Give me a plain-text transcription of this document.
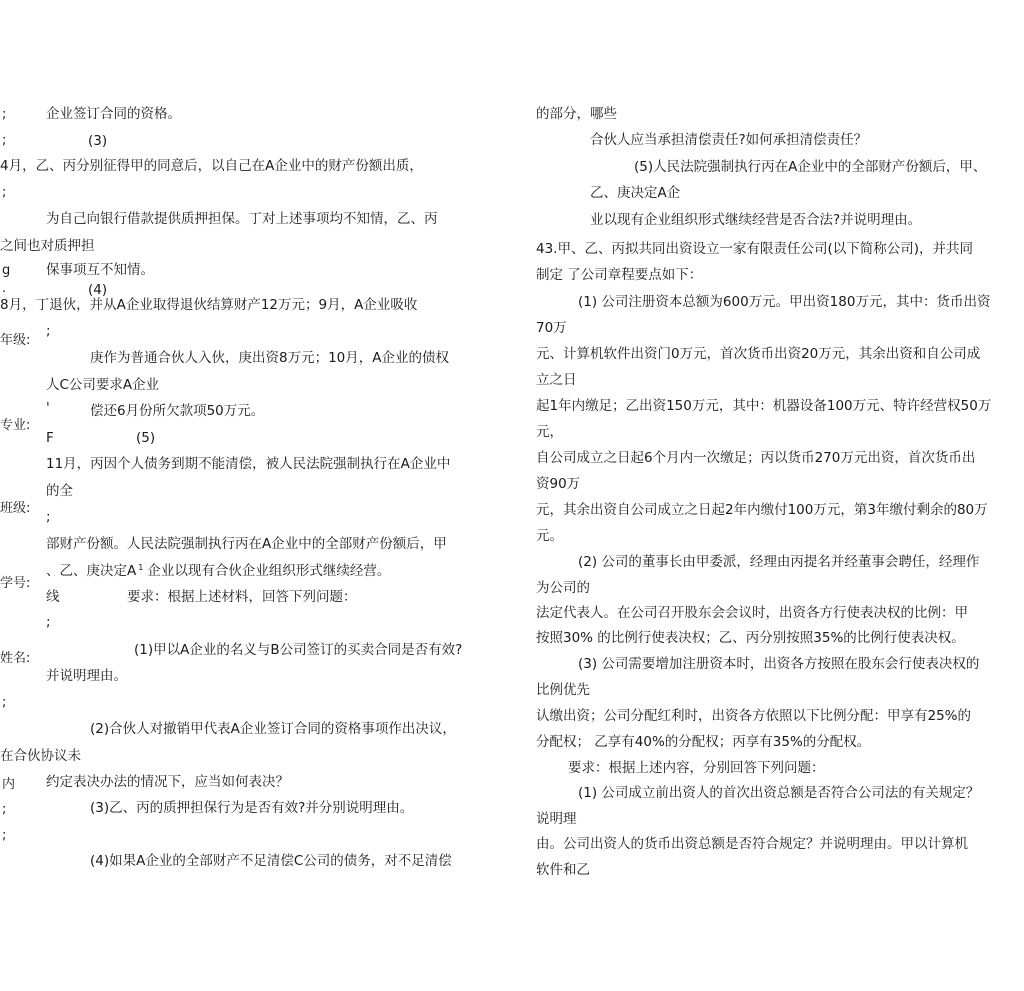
;
;
;
g
.
年级:
专业:
班级:
学号:
姓名:
;
内
;
;
企业签订合同的资格。
(3)
4月，乙、丙分别征得甲的同意后，以自己在A企业中的财产份额出质，
为自己向银行借款提供质押担保。丁对上述事项均不知情，乙、丙
之间也对质押担
保事项互不知情。
(4)
8月，丁退伙，并从A企业取得退伙结算财产12万元；9月，A企业吸收
;
庚作为普通合伙人入伙，庚出资8万元；10月，A企业的债权
人C公司要求A企业
'	偿还6月份所欠款项50万元。
F	(5)
11月，丙因个人债务到期不能清偿，被人民法院强制执行在A企业中
的全
;
部财产份额。人民法院强制执行丙在A企业中的全部财产份额后，甲
、乙、庚决定A $^1$ 企业以现有合伙企业组织形式继续经营。
线	要求：根据上述材料，回答下列问题：
;
(1)甲以A企业的名义与B公司签订的买卖合同是否有效?
并说明理由。
(2)合伙人对撤销甲代表A企业签订合同的资格事项作出决议，
在合伙协议未
约定表决办法的情况下，应当如何表决？
(3)乙、丙的质押担保行为是否有效?并分别说明理由。
(4)如果A企业的全部财产不足清偿C公司的债务，对不足清偿
的部分，哪些
合伙人应当承担清偿责任?如何承担清偿责任？
(5)人民法院强制执行丙在A企业中的全部财产份额后，甲、
乙、庚决定A企
业以现有企业组织形式继续经营是否合法?并说明理由。
43.甲、乙、丙拟共同出资设立一家有限责任公司(以下简称公司)，并共同
制定 了公司章程要点如下：
(1) 公司注册资本总额为600万元。甲出资180万元，其中：货币出资
70万
元、计算机软件出资门0万元，首次货币出资20万元，其余出资和自公司成
立之日
起1年内缴足；乙出资150万元，其中：机器设备100万元、特许经营权50万
元，
自公司成立之日起6个月内一次缴足；丙以货币270万元出资，首次货币出
资90万
元，其余出资自公司成立之日起2年内缴付100万元，第3年缴付剩余的80万
元。
(2) 公司的董事长由甲委派，经理由丙提名并经董事会聘任，经理作
为公司的
法定代表人。在公司召开股东会会议时，出资各方行使表决权的比例：甲
按照30% 的比例行使表决权；乙、丙分别按照35%的比例行使表决权。
(3) 公司需要增加注册资本时，出资各方按照在股东会行使表决权的
比例优先
认缴出资；公司分配红利时，出资各方依照以下比例分配：甲享有25%的
分配权； 乙享有40%的分配权；丙享有35%的分配权。
要求：根据上述内容，分别回答下列问题：
(1) 公司成立前出资人的首次出资总额是否符合公司法的有关规定？
说明理
由。公司出资人的货币出资总额是否符合规定？并说明理由。甲以计算机
软件和乙
